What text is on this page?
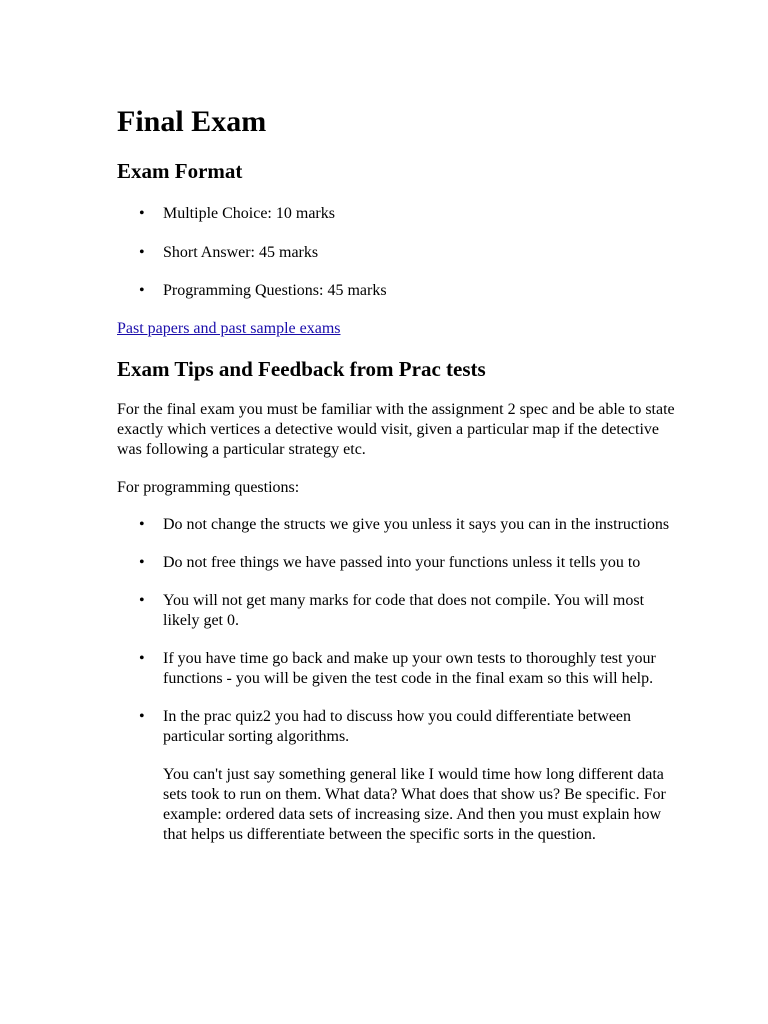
Final Exam
Exam Format
• Multiple Choice: 10 marks
• Short Answer: 45 marks
• Programming Questions: 45 marks
Past papers and past sample exams
Exam Tips and Feedback from Prac tests

For the final exam you must be familiar with the assignment 2 spec and be able to state exactly which vertices a detective would visit, given a particular map if the detective was following a particular strategy etc.

For programming questions:

• Do not change the structs we give you unless it says you can in the instructions
• Do not free things we have passed into your functions unless it tells you to
• You will not get many marks for code that does not compile. You will most likely get 0.
• If you have time go back and make up your own tests to thoroughly test your functions - you will be given the test code in the final exam so this will help.
• In the prac quiz2 you had to discuss how you could differentiate between particular sorting algorithms.

You can't just say something general like I would time how long different data sets took to run on them. What data? What does that show us? Be specific. For example: ordered data sets of increasing size. And then you must explain how that helps us differentiate between the specific sorts in the question.
